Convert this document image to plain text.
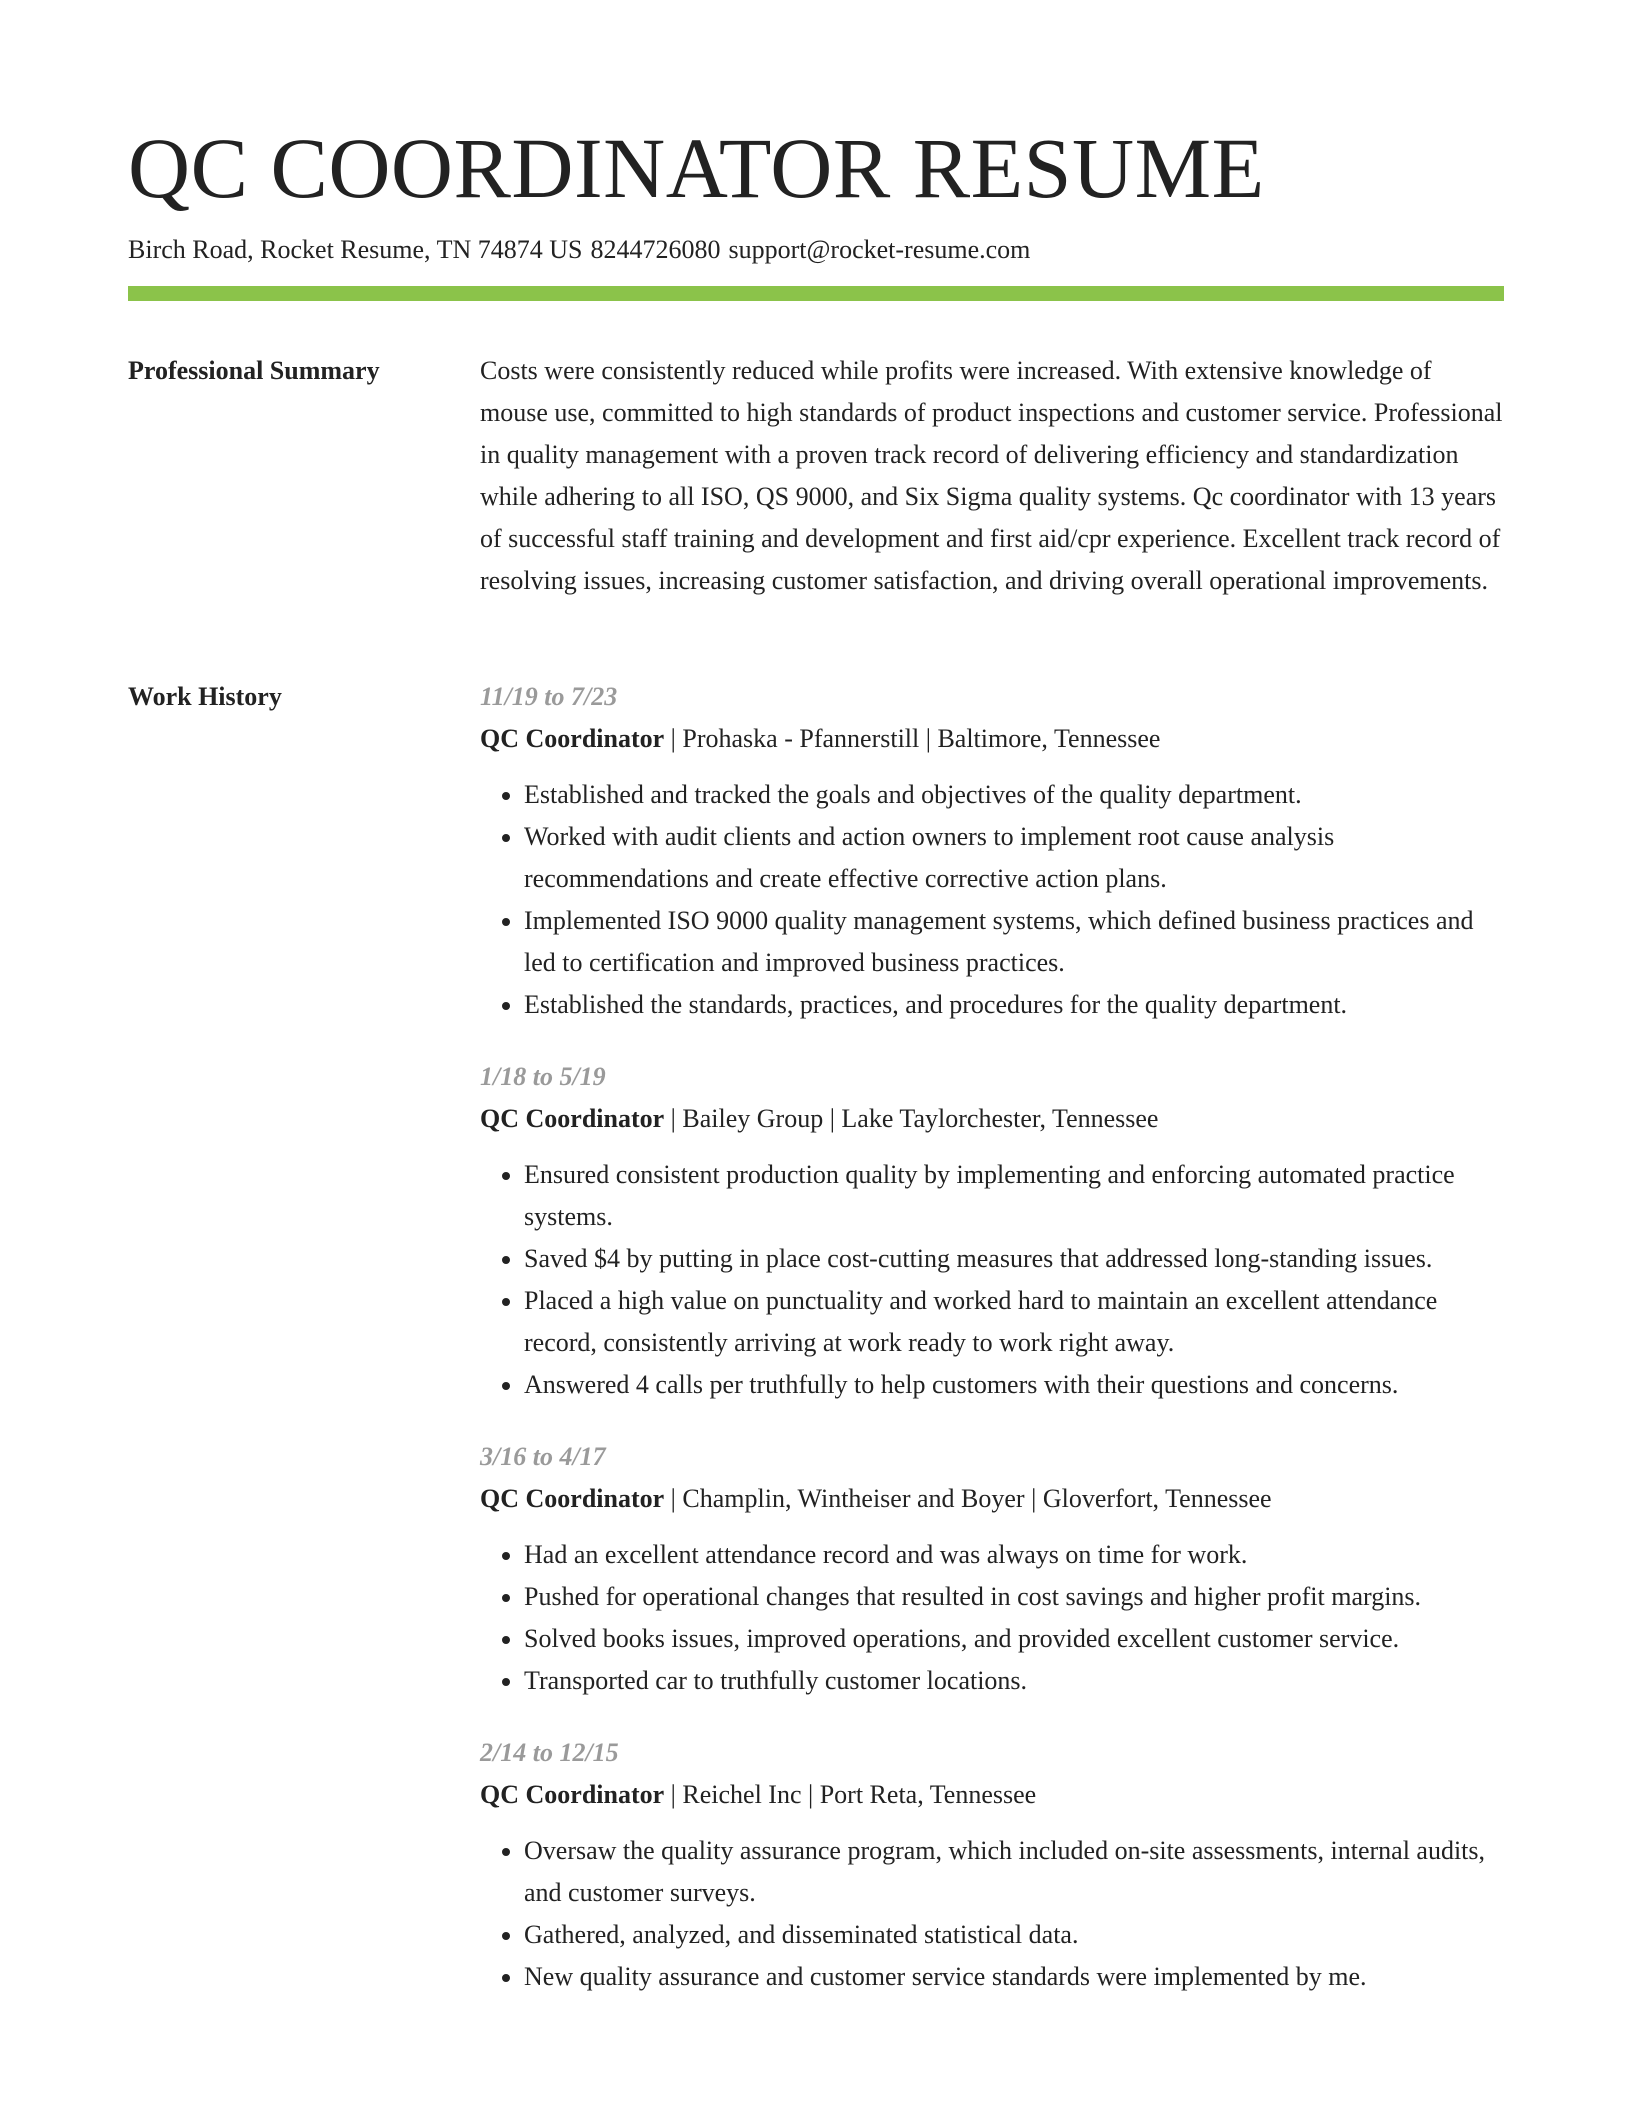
QC COORDINATOR RESUME
Birch Road, Rocket Resume, TN 74874 US 8244726080 support@rocket-resume.com
Professional Summary	Costs were consistently reduced while profits were increased. With extensive knowledge of mouse use, committed to high standards of product inspections and customer service. Professional in quality management with a proven track record of delivering efficiency and standardization while adhering to all ISO, QS 9000, and Six Sigma quality systems. Qc coordinator with 13 years of successful staff training and development and first aid/cpr experience. Excellent track record of resolving issues, increasing customer satisfaction, and driving overall operational improvements.

Work History	11/19 to 7/23
QC Coordinator | Prohaska - Pfannerstill | Baltimore, Tennessee
• Established and tracked the goals and objectives of the quality department.
• Worked with audit clients and action owners to implement root cause analysis recommendations and create effective corrective action plans.
• Implemented ISO 9000 quality management systems, which defined business practices and led to certification and improved business practices.
• Established the standards, practices, and procedures for the quality department.
1/18 to 5/19
QC Coordinator | Bailey Group | Lake Taylorchester, Tennessee
• Ensured consistent production quality by implementing and enforcing automated practice systems.
• Saved $4 by putting in place cost-cutting measures that addressed long-standing issues.
• Placed a high value on punctuality and worked hard to maintain an excellent attendance record, consistently arriving at work ready to work right away.
• Answered 4 calls per truthfully to help customers with their questions and concerns.
3/16 to 4/17
QC Coordinator | Champlin, Wintheiser and Boyer | Gloverfort, Tennessee
• Had an excellent attendance record and was always on time for work.
• Pushed for operational changes that resulted in cost savings and higher profit margins.
• Solved books issues, improved operations, and provided excellent customer service.
• Transported car to truthfully customer locations.
2/14 to 12/15
QC Coordinator | Reichel Inc | Port Reta, Tennessee
• Oversaw the quality assurance program, which included on-site assessments, internal audits, and customer surveys.
• Gathered, analyzed, and disseminated statistical data.
• New quality assurance and customer service standards were implemented by me.
